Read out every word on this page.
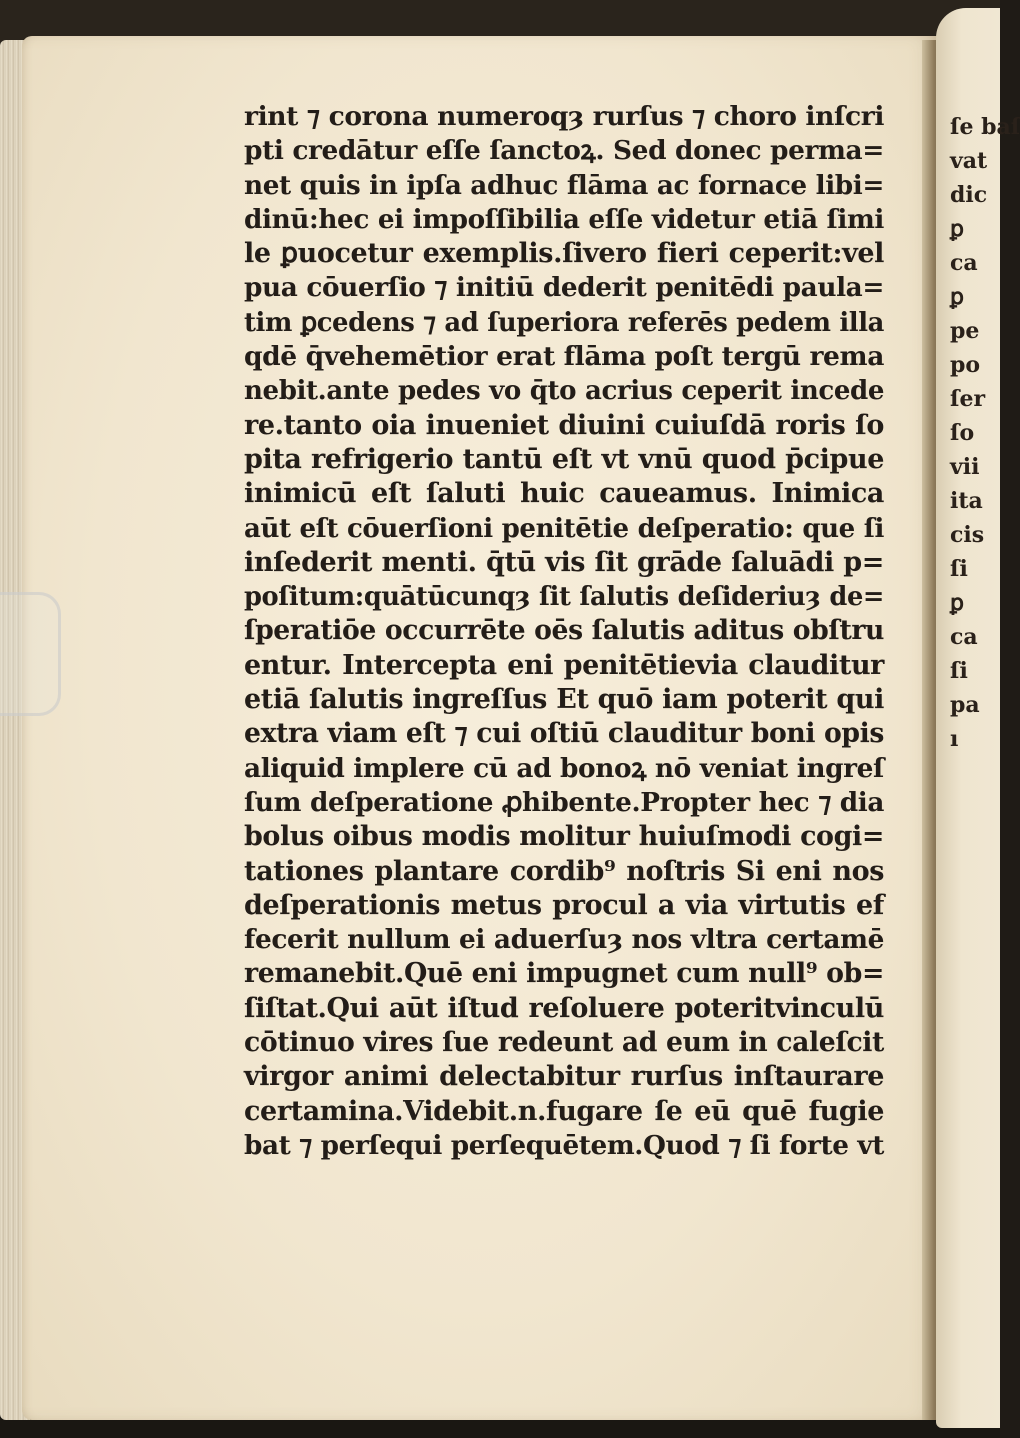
ſe baſ
vat
dic
ꝑ
ca
ꝑ
pe
po
ſer
ſo
vii
ita
cis
ſi
ꝑ
ca
ſi
pa
ı
rint ⁊ corona numeroqȝ rurſus ⁊ choro inſcri
pti credātur eſſe ſanctoꝝ. Sed donec perma=
net quis in ipſa adhuc flāma ac fornace libi=
dinū:hec ei impoſſibilia eſſe videtur etiā ſimi
le ꝑuocetur exemplis.ſivero fieri ceperit:vel
pua cōuerſio ⁊ initiū dederit penitēdi paula=
tim ꝑcedens ⁊ ad ſuperiora referēs pedem illa
qdē q̄vehemētior erat flāma poſt tergū rema
nebit.ante pedes vo q̄to acrius ceperit incede
re.tanto oia inueniet diuini cuiuſdā roris ſo
pita refrigerio tantū eſt vt vnū quod p̄cipue
inimicū eſt ſaluti huic caueamus. Inimica
aūt eſt cōuerſioni penitētie deſperatio: que ſi
inſederit menti. q̄tū vis ſit grāde ſaluādi p=
poſitum:quātūcunqȝ ſit ſalutis deſideriuȝ de=
ſperatiōe occurrēte oēs ſalutis aditus obſtru
entur. Intercepta eni penitētievia clauditur
etiā ſalutis ingreſſus Et quō iam poterit qui
extra viam eſt ⁊ cui oſtiū clauditur boni opis
aliquid implere cū ad bonoꝝ nō veniat ingreſ
ſum deſperatione ꝓhibente.Propter hec ⁊ dia
bolus oibus modis molitur huiuſmodi cogi=
tationes plantare cordib⁹ noſtris Si eni nos
deſperationis metus procul a via virtutis ef
fecerit nullum ei aduerſuȝ nos vltra certamē
remanebit.Quē eni impugnet cum null⁹ ob=
ſiſtat.Qui aūt iſtud reſoluere poteritvinculū
cōtinuo vires ſue redeunt ad eum in caleſcit
virgor animi delectabitur rurſus inſtaurare
certamina.Videbit.n.fugare ſe eū quē fugie
bat ⁊ perſequi perſequētem.Quod ⁊ ſi forte vt
